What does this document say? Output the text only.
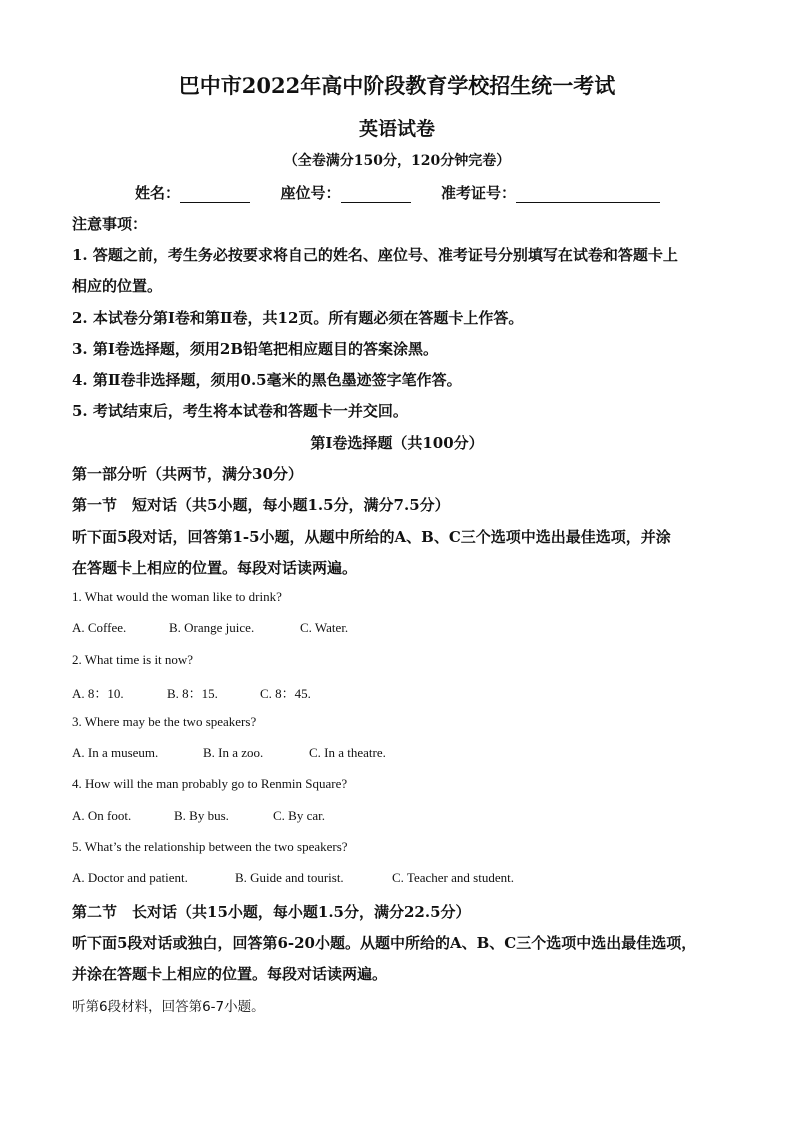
巴中市2022年高中阶段教育学校招生统一考试
英语试卷
（全卷满分150分，120分钟完卷）
姓名：	座位号：	准考证号：
注意事项：
1. 答题之前，考生务必按要求将自己的姓名、座位号、准考证号分别填写在试卷和答题卡上
相应的位置。
2. 本试卷分第Ⅰ卷和第Ⅱ卷，共12页。所有题必须在答题卡上作答。
3. 第Ⅰ卷选择题，须用2B铅笔把相应题目的答案涂黑。
4. 第Ⅱ卷非选择题，须用0.5毫米的黑色墨迹签字笔作答。
5. 考试结束后，考生将本试卷和答题卡一并交回。
第Ⅰ卷选择题（共100分）
第一部分听（共两节，满分30分）
第一节　短对话（共5小题，每小题1.5分，满分7.5分）
听下面5段对话，回答第1-5小题，从题中所给的A、B、C三个选项中选出最佳选项，并涂
在答题卡上相应的位置。每段对话读两遍。
1. What would the woman like to drink?
A. Coffee.	B. Orange juice.	C. Water.
2. What time is it now?
A. 8：10.	B. 8：15.	C. 8：45.
3. Where may be the two speakers?
A. In a museum.	B. In a zoo.	C. In a theatre.
4. How will the man probably go to Renmin Square?
A. On foot.	B. By bus.	C. By car.
5. What’s the relationship between the two speakers?
A. Doctor and patient.	B. Guide and tourist.	C. Teacher and student.
第二节　长对话（共15小题，每小题1.5分，满分22.5分）
听下面5段对话或独白，回答第6-20小题。从题中所给的A、B、C三个选项中选出最佳选项，
并涂在答题卡上相应的位置。每段对话读两遍。
听第6段材料，回答第6-7小题。
